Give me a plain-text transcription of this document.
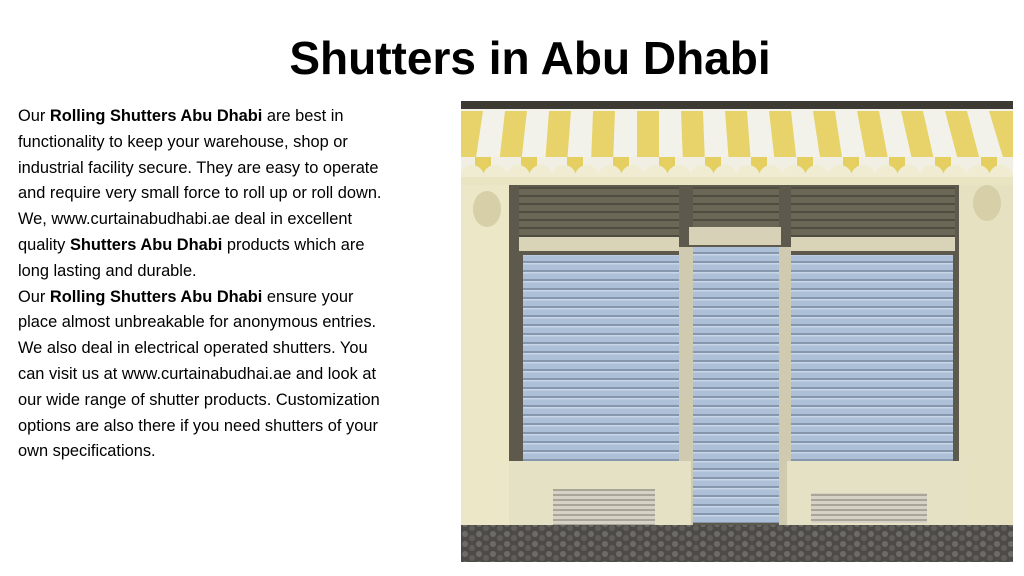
Shutters in Abu Dhabi

Our Rolling Shutters Abu Dhabi are best in functionality to keep your warehouse, shop or industrial facility secure. They are easy to operate and require very small force to roll up or roll down. We, www.curtainabudhabi.ae deal in excellent quality Shutters Abu Dhabi products which are long lasting and durable.

Our Rolling Shutters Abu Dhabi ensure your place almost unbreakable for anonymous entries. We also deal in electrical operated shutters. You can visit us at www.curtainabudhai.ae and look at our wide range of shutter products. Customization options are also there if you need shutters of your own specifications.
